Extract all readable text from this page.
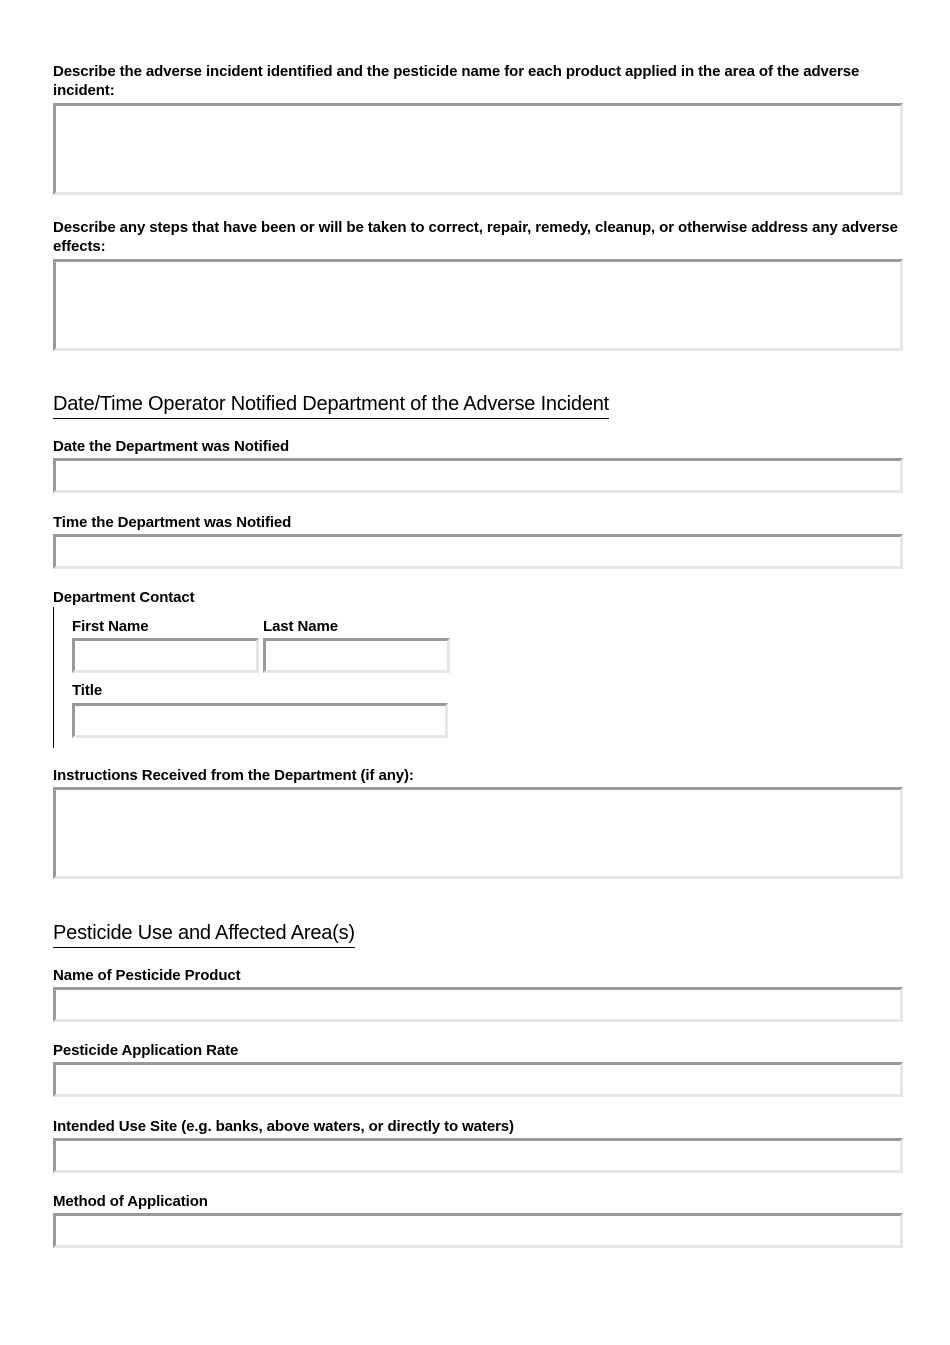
Describe the adverse incident identified and the pesticide name for each product applied in the area of the adverse incident:
Describe any steps that have been or will be taken to correct, repair, remedy, cleanup, or otherwise address any adverse effects:
Date/Time Operator Notified Department of the Adverse Incident
Date the Department was Notified
Time the Department was Notified
Department Contact
First Name	Last Name
Title
Instructions Received from the Department (if any):
Pesticide Use and Affected Area(s)
Name of Pesticide Product
Pesticide Application Rate
Intended Use Site (e.g. banks, above waters, or directly to waters)
Method of Application
